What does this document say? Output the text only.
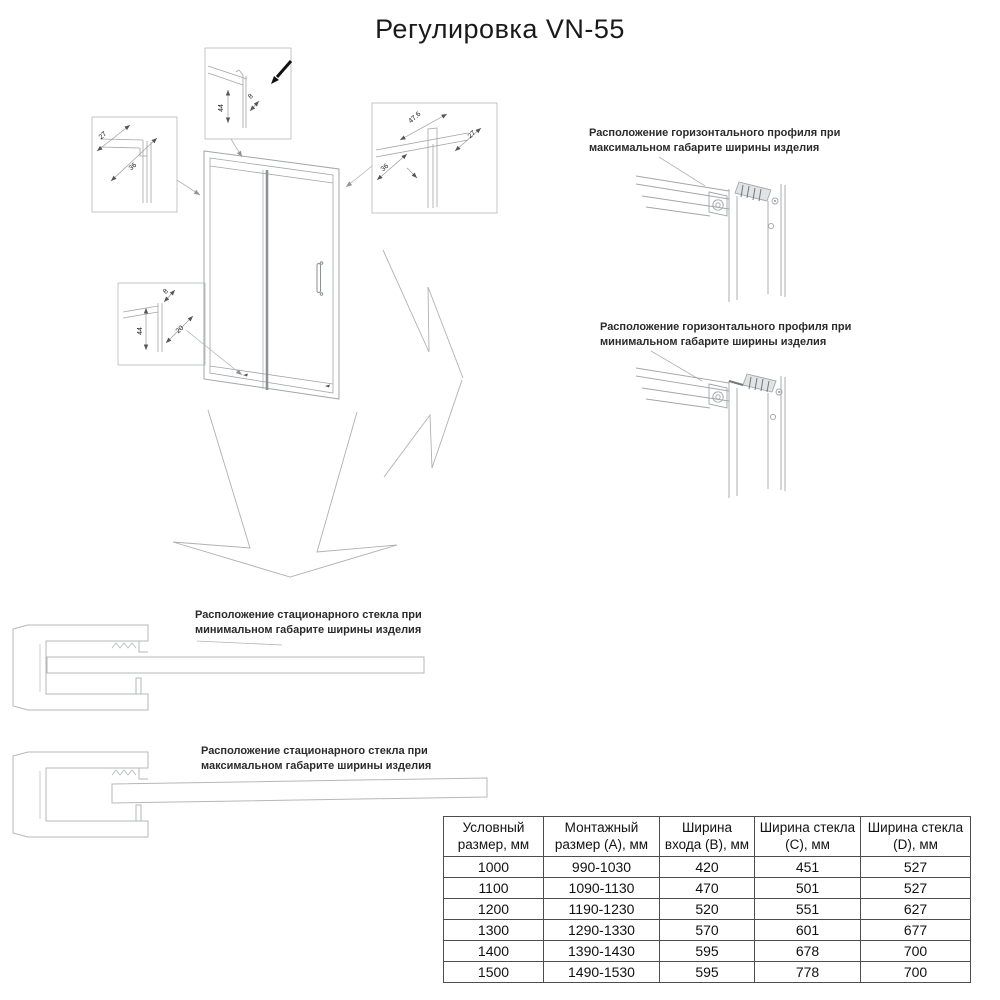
Регулировка VN-55
27
36
44
8
47.6
36
27
8
20
44
Расположение горизонтального профиля при
максимальном габарите ширины изделия
Расположение горизонтального профиля при
минимальном габарите ширины изделия
Расположение стационарного стекла при
минимальном габарите ширины изделия
Расположение стационарного стекла при
максимальном габарите ширины изделия
Условный размер, мм	Монтажный размер (A), мм	Ширина входа (B), мм	Ширина стекла (C), мм	Ширина стекла (D), мм
1000	990-1030	420	451	527
1100	1090-1130	470	501	527
1200	1190-1230	520	551	627
1300	1290-1330	570	601	677
1400	1390-1430	595	678	700
1500	1490-1530	595	778	700
